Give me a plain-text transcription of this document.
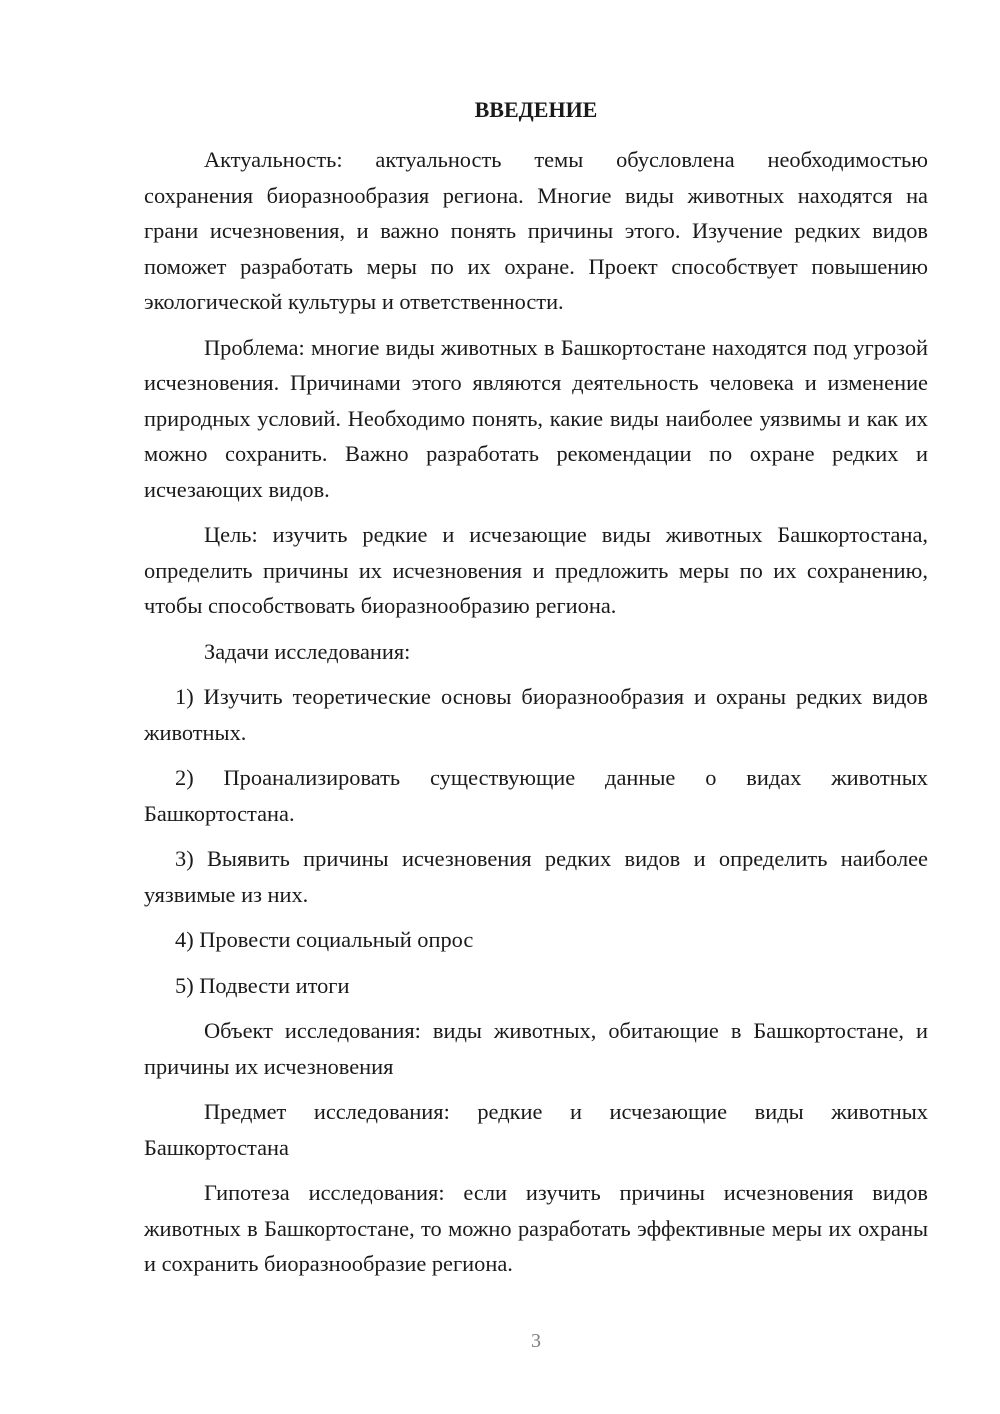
ВВЕДЕНИЕ

Актуальность: актуальность темы обусловлена необходимостью сохранения биоразнообразия региона. Многие виды животных находятся на грани исчезновения, и важно понять причины этого. Изучение редких видов поможет разработать меры по их охране. Проект способствует повышению экологической культуры и ответственности.

Проблема: многие виды животных в Башкортостане находятся под угрозой исчезновения. Причинами этого являются деятельность человека и изменение природных условий. Необходимо понять, какие виды наиболее уязвимы и как их можно сохранить. Важно разработать рекомендации по охране редких и исчезающих видов.

Цель: изучить редкие и исчезающие виды животных Башкортостана, определить причины их исчезновения и предложить меры по их сохранению, чтобы способствовать биоразнообразию региона.

Задачи исследования:

1) Изучить теоретические основы биоразнообразия и охраны редких видов животных.

2) Проанализировать существующие данные о видах животных Башкортостана.

3) Выявить причины исчезновения редких видов и определить наиболее уязвимые из них.

4) Провести социальный опрос

5) Подвести итоги

Объект исследования: виды животных, обитающие в Башкортостане, и причины их исчезновения

Предмет исследования: редкие и исчезающие виды животных Башкортостана

Гипотеза исследования: если изучить причины исчезновения видов животных в Башкортостане, то можно разработать эффективные меры их охраны и сохранить биоразнообразие региона.

3
